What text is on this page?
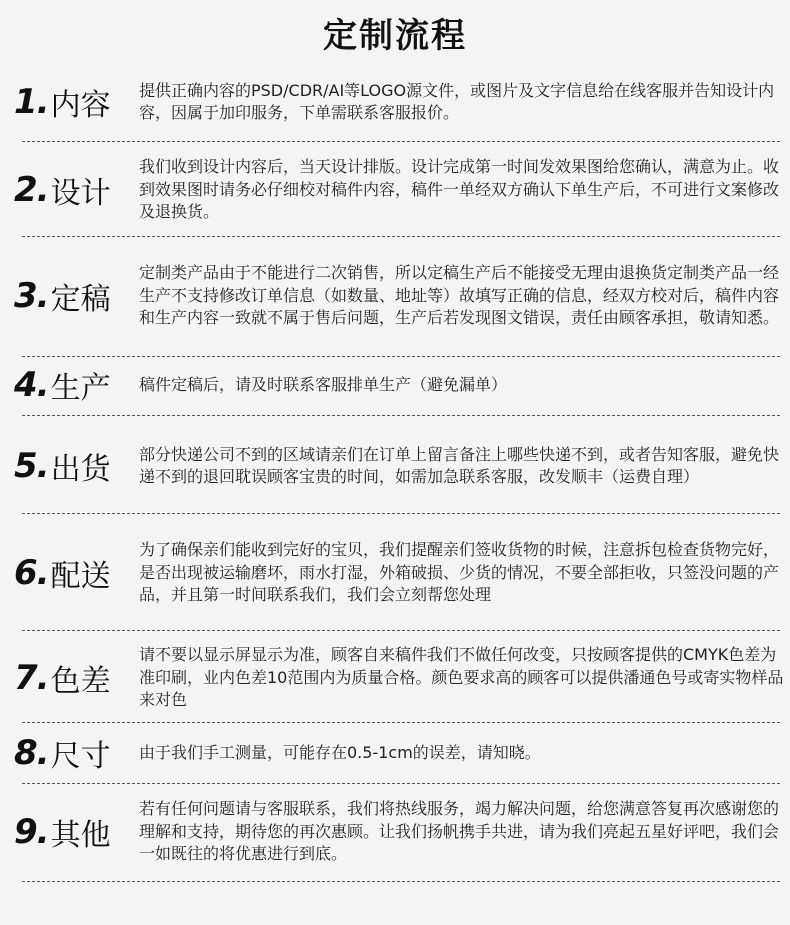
定制流程
2. 设计
我们收到设计内容后，当天设计排版。设计完成第一时间发效果图给您确认，满意为止。收到效果图时请务必仔细校对稿件内容，稿件一单经双方确认下单生产后，不可进行文案修改及退换货。
3. 定稿
定制类产品由于不能进行二次销售，所以定稿生产后不能接受无理由退换货定制类产品一经生产不支持修改订单信息（如数量、地址等）故填写正确的信息，经双方校对后，稿件内容和生产内容一致就不属于售后问题，生产后若发现图文错误，责任由顾客承担，敬请知悉。
4. 生产 稿件定稿后，请及时联系客服排单生产（避免漏单）
5. 出货 部分快递公司不到的区域请亲们在订单上留言备注上哪些快递不到，或者告知客服，避免快递不到的退回耽误顾客宝贵的时间，如需加急联系客服，改发顺丰（运费自理）
6. 配送
为了确保亲们能收到完好的宝贝，我们提醒亲们签收货物的时候，注意拆包检查货物完好，是否出现被运输磨坏，雨水打湿，外箱破损、少货的情况，不要全部拒收，只签没问题的产品，并且第一时间联系我们，我们会立刻帮您处理
7. 色差
请不要以显示屏显示为准，顾客自来稿件我们不做任何改变，只按顾客提供的CMYK色差为准印刷，业内色差10范围内为质量合格。颜色要求高的顾客可以提供潘通色号或寄实物样品来对色
8. 尺寸 由于我们手工测量，可能存在0.5-1cm的误差，请知晓。
9. 其他
若有任何问题请与客服联系，我们将热线服务，竭力解决问题，给您满意答复再次感谢您的理解和支持，期待您的再次惠顾。让我们扬帆携手共进，请为我们亮起五星好评吧，我们会一如既往的将优惠进行到底。
1. 内容 提供正确内容的PSD/CDR/AI等LOGO源文件，或图片及文字信息给在线客服并告知设计内容，因属于加印服务，下单需联系客服报价。
